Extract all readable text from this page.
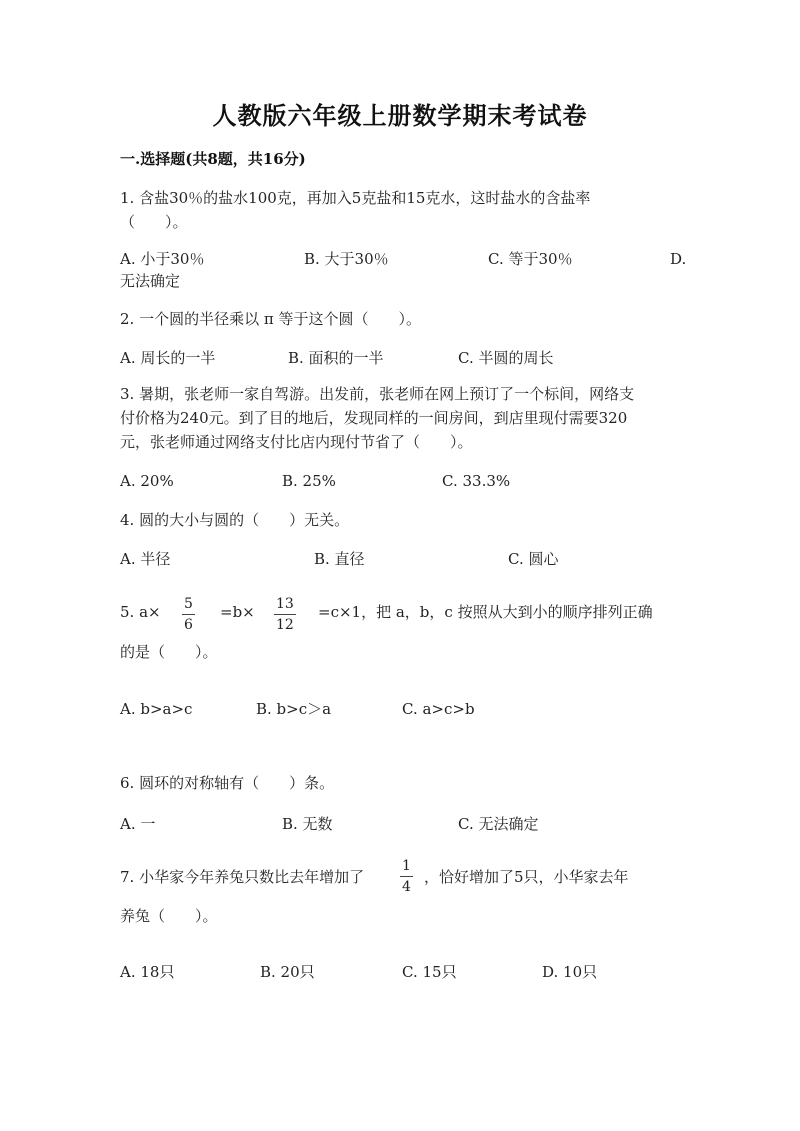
人教版六年级上册数学期末考试卷
一.选择题(共8题，共16分)
1. 含盐30％的盐水100克，再加入5克盐和15克水，这时盐水的含盐率
（　　）。
A. 小于30％	B. 大于30％	C. 等于30％	D. 无法确定
2. 一个圆的半径乘以 π 等于这个圆（　　）。
A. 周长的一半	B. 面积的一半	C. 半圆的周长
3. 暑期，张老师一家自驾游。出发前，张老师在网上预订了一个标间，网络支
付价格为240元。到了目的地后，发现同样的一间房间，到店里现付需要320
元，张老师通过网络支付比店内现付节省了（　　）。
A. 20%	B. 25%	C. 33.3%
4. 圆的大小与圆的（　　）无关。
A. 半径	B. 直径	C. 圆心
5. $a\times \frac{5}{6} =b\times \frac{13}{12} =c\times 1$，把 a，b，c 按照从大到小的顺序排列正确
的是（　　）。
A. b>a>c	B. b>c＞a	C. a>c>b
6. 圆环的对称轴有（　　）条。
A. 一	B. 无数	C. 无法确定
7. 小华家今年养兔只数比去年增加了	$\frac{1}{4}$ ，恰好增加了5只，小华家去年
养兔（　　）。
A. 18只	B. 20只	C. 15只	D. 10只
